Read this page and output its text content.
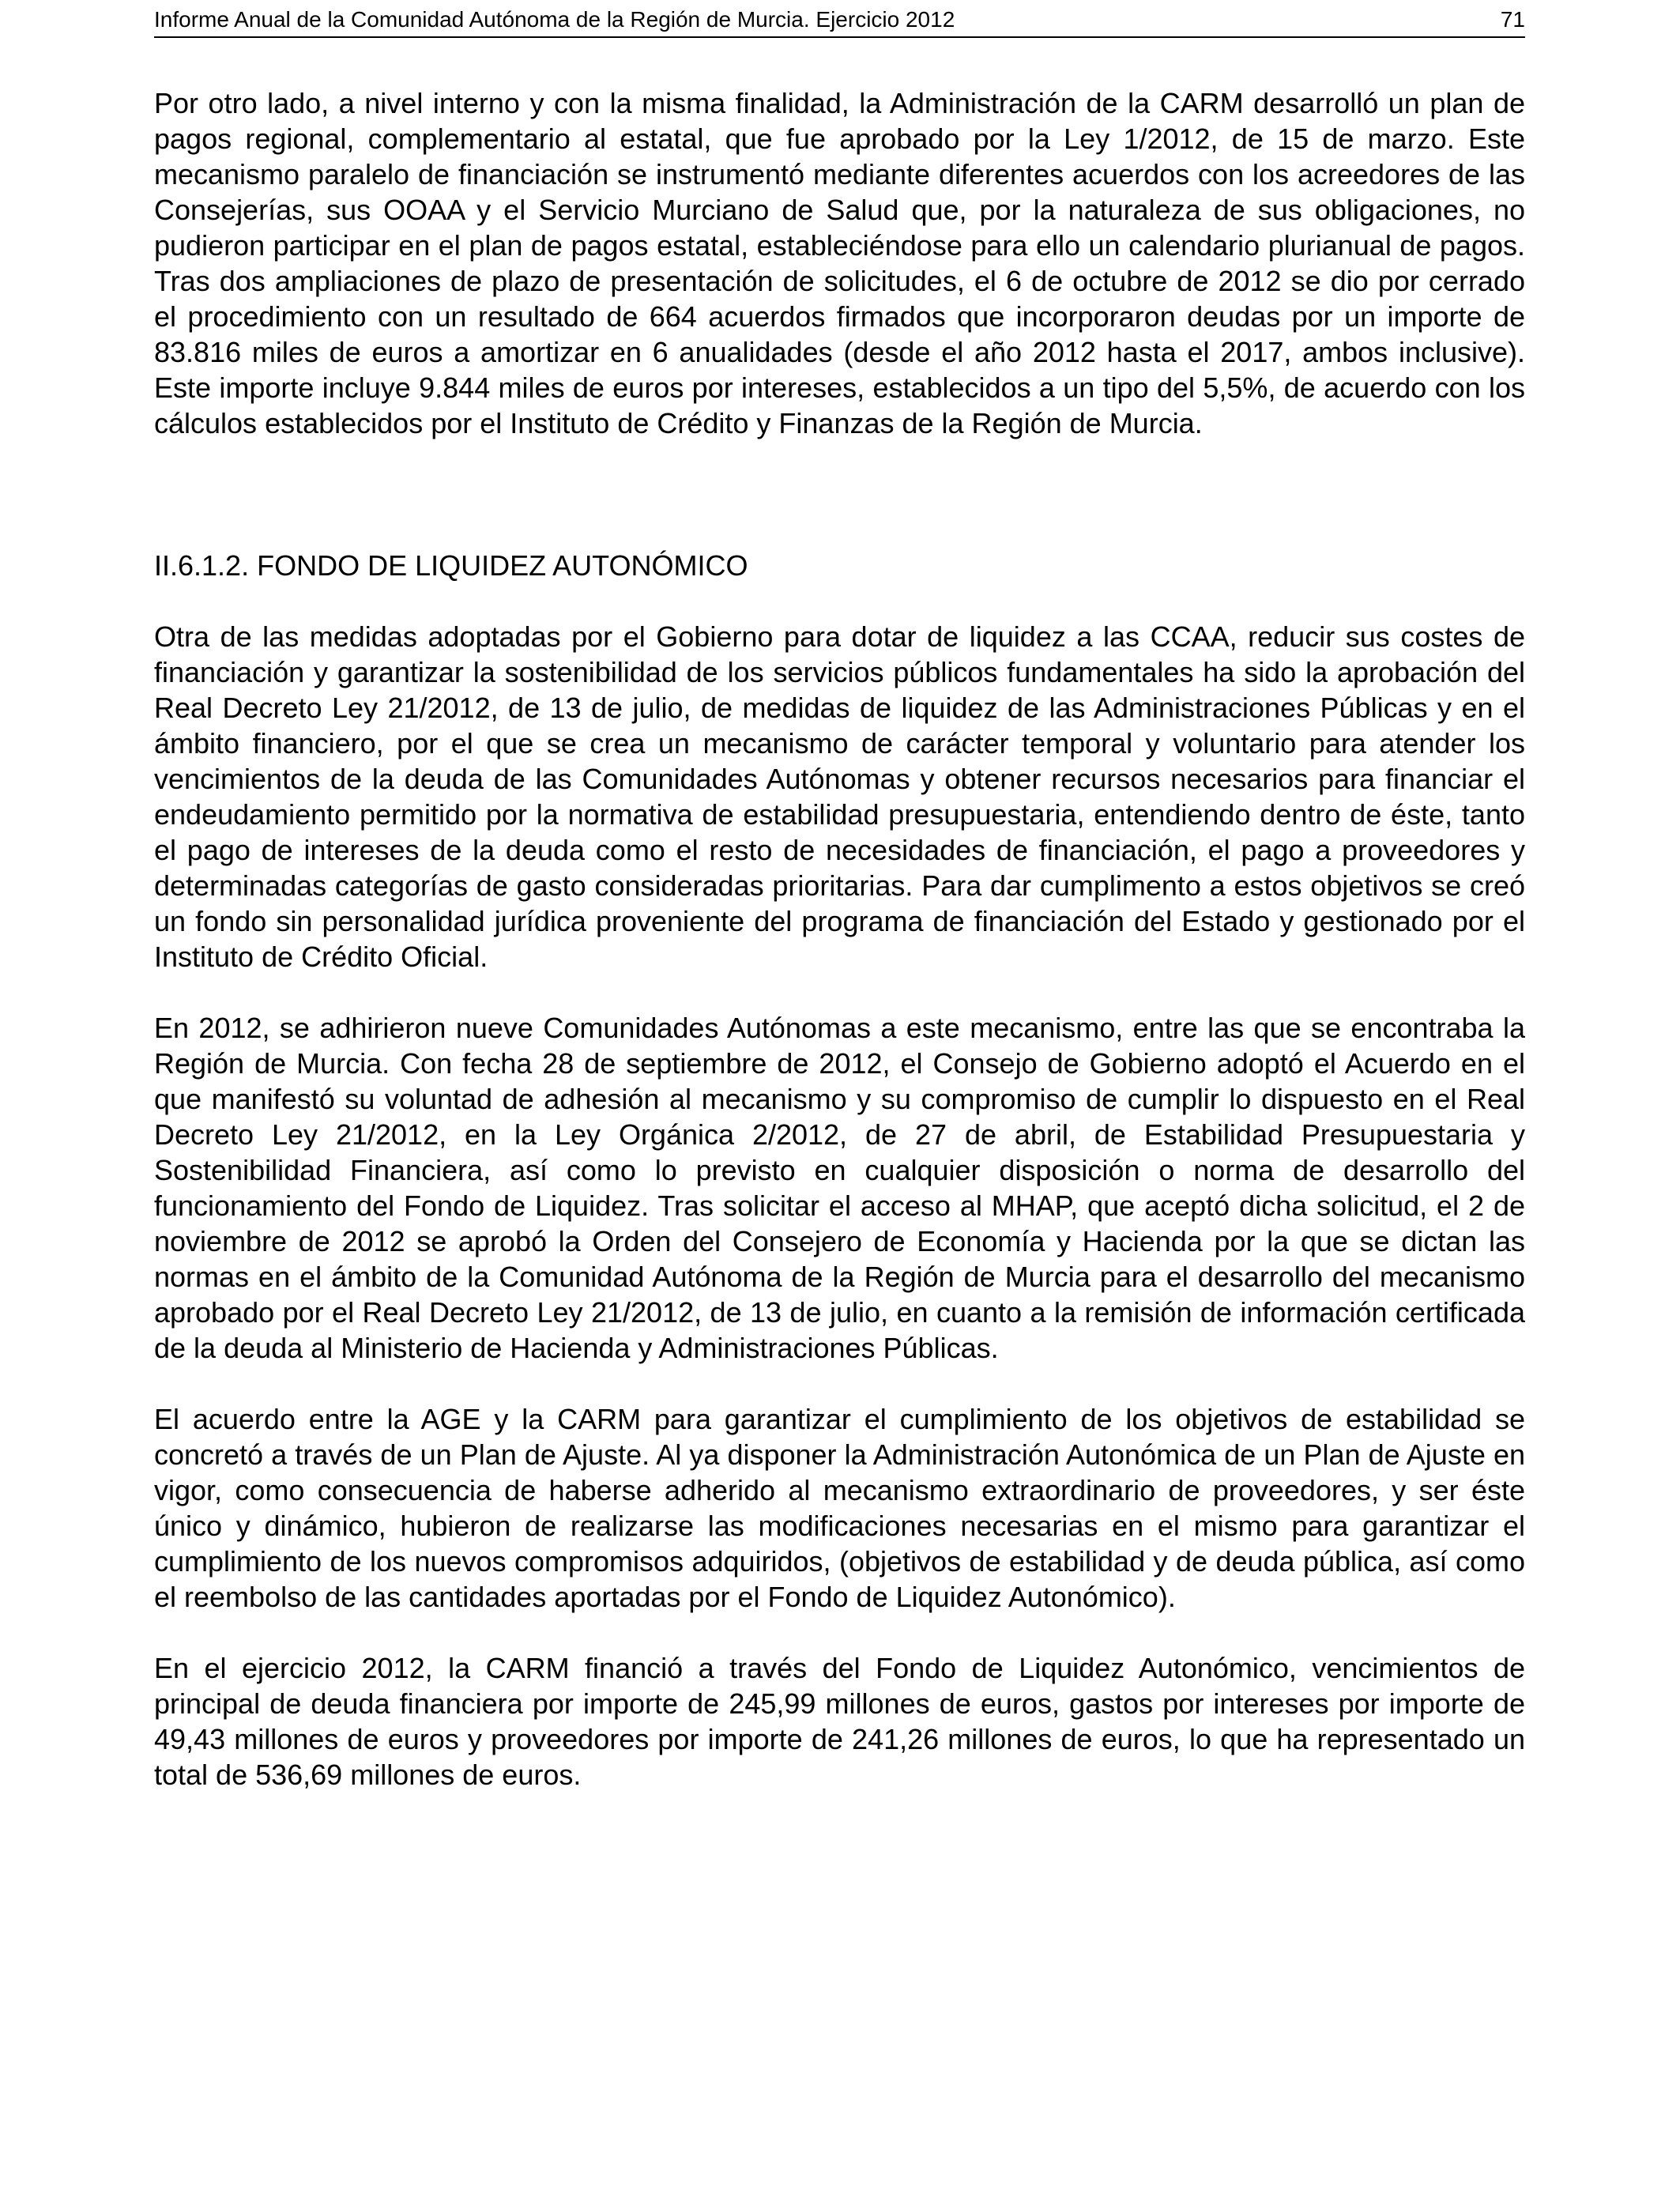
Informe Anual de la Comunidad Autónoma de la Región de Murcia. Ejercicio 2012	71

Por otro lado, a nivel interno y con la misma finalidad, la Administración de la CARM desarrolló un plan de pagos regional, complementario al estatal, que fue aprobado por la Ley 1/2012, de 15 de marzo. Este mecanismo paralelo de financiación se instrumentó mediante diferentes acuerdos con los acreedores de las Consejerías, sus OOAA y el Servicio Murciano de Salud que, por la naturaleza de sus obligaciones, no pudieron participar en el plan de pagos estatal, estableciéndose para ello un calendario plurianual de pagos. Tras dos ampliaciones de plazo de presentación de solicitudes, el 6 de octubre de 2012 se dio por cerrado el procedimiento con un resultado de 664 acuerdos firmados que incorporaron deudas por un importe de 83.816 miles de euros a amortizar en 6 anualidades (desde el año 2012 hasta el 2017, ambos inclusive). Este importe incluye 9.844 miles de euros por intereses, establecidos a un tipo del 5,5%, de acuerdo con los cálculos establecidos por el Instituto de Crédito y Finanzas de la Región de Murcia.

II.6.1.2. FONDO DE LIQUIDEZ AUTONÓMICO

Otra de las medidas adoptadas por el Gobierno para dotar de liquidez a las CCAA, reducir sus costes de financiación y garantizar la sostenibilidad de los servicios públicos fundamentales ha sido la aprobación del Real Decreto Ley 21/2012, de 13 de julio, de medidas de liquidez de las Administraciones Públicas y en el ámbito financiero, por el que se crea un mecanismo de carácter temporal y voluntario para atender los vencimientos de la deuda de las Comunidades Autónomas y obtener recursos necesarios para financiar el endeudamiento permitido por la normativa de estabilidad presupuestaria, entendiendo dentro de éste, tanto el pago de intereses de la deuda como el resto de necesidades de financiación, el pago a proveedores y determinadas categorías de gasto consideradas prioritarias. Para dar cumplimento a estos objetivos se creó un fondo sin personalidad jurídica proveniente del programa de financiación del Estado y gestionado por el Instituto de Crédito Oficial.

En 2012, se adhirieron nueve Comunidades Autónomas a este mecanismo, entre las que se encontraba la Región de Murcia. Con fecha 28 de septiembre de 2012, el Consejo de Gobierno adoptó el Acuerdo en el que manifestó su voluntad de adhesión al mecanismo y su compromiso de cumplir lo dispuesto en el Real Decreto Ley 21/2012, en la Ley Orgánica 2/2012, de 27 de abril, de Estabilidad Presupuestaria y Sostenibilidad Financiera, así como lo previsto en cualquier disposición o norma de desarrollo del funcionamiento del Fondo de Liquidez. Tras solicitar el acceso al MHAP, que aceptó dicha solicitud, el 2 de noviembre de 2012 se aprobó la Orden del Consejero de Economía y Hacienda por la que se dictan las normas en el ámbito de la Comunidad Autónoma de la Región de Murcia para el desarrollo del mecanismo aprobado por el Real Decreto Ley 21/2012, de 13 de julio, en cuanto a la remisión de información certificada de la deuda al Ministerio de Hacienda y Administraciones Públicas.

El acuerdo entre la AGE y la CARM para garantizar el cumplimiento de los objetivos de estabilidad se concretó a través de un Plan de Ajuste. Al ya disponer la Administración Autonómica de un Plan de Ajuste en vigor, como consecuencia de haberse adherido al mecanismo extraordinario de proveedores, y ser éste único y dinámico, hubieron de realizarse las modificaciones necesarias en el mismo para garantizar el cumplimiento de los nuevos compromisos adquiridos, (objetivos de estabilidad y de deuda pública, así como el reembolso de las cantidades aportadas por el Fondo de Liquidez Autonómico).

En el ejercicio 2012, la CARM financió a través del Fondo de Liquidez Autonómico, vencimientos de principal de deuda financiera por importe de 245,99 millones de euros, gastos por intereses por importe de 49,43 millones de euros y proveedores por importe de 241,26 millones de euros, lo que ha representado un total de 536,69 millones de euros.
